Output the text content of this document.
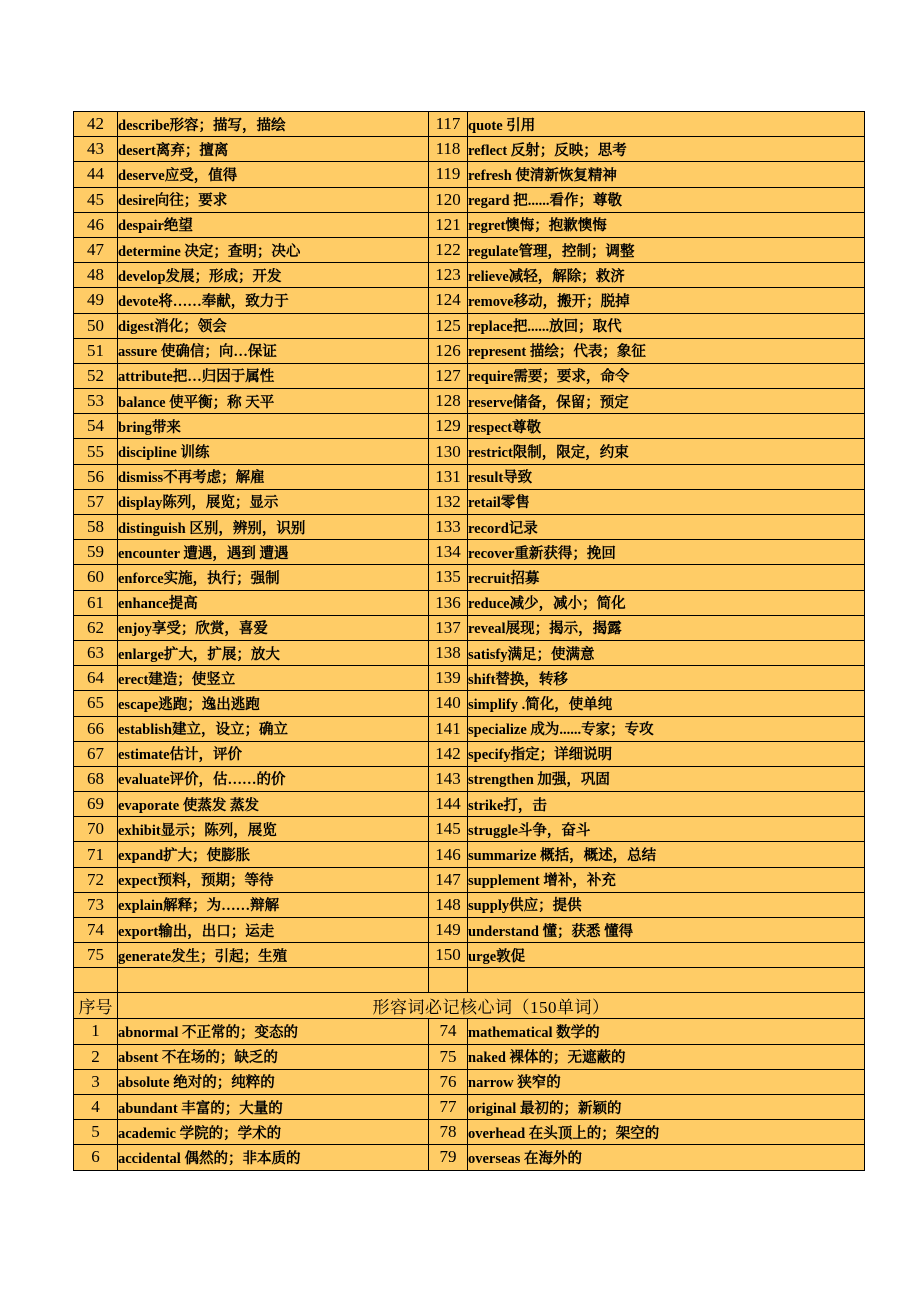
42	describe形容；描写，描绘	117	quote 引用
43	desert离弃；擅离	118	reflect 反射；反映；思考
44	deserve应受，值得	119	refresh 使清新恢复精神
45	desire向往；要求	120	regard 把......看作；尊敬
46	despair绝望	121	regret懊悔；抱歉懊悔
47	determine 决定；查明；决心	122	regulate管理，控制；调整
48	develop发展；形成；开发	123	relieve减轻，解除；救济
49	devote将……奉献，致力于	124	remove移动，搬开；脱掉
50	digest消化；领会	125	replace把......放回；取代
51	assure 使确信；向…保证	126	represent 描绘；代表；象征
52	attribute把…归因于属性	127	require需要；要求，命令
53	balance 使平衡；称 天平	128	reserve储备，保留；预定
54	bring带来	129	respect尊敬
55	discipline 训练	130	restrict限制，限定，约束
56	dismiss不再考虑；解雇	131	result导致
57	display陈列，展览；显示	132	retail零售
58	distinguish 区别，辨别，识别	133	record记录
59	encounter 遭遇，遇到 遭遇	134	recover重新获得；挽回
60	enforce实施，执行；强制	135	recruit招募
61	enhance提高	136	reduce减少，减小；简化
62	enjoy享受；欣赏，喜爱	137	reveal展现；揭示，揭露
63	enlarge扩大，扩展；放大	138	satisfy满足；使满意
64	erect建造；使竖立	139	shift替换，转移
65	escape逃跑；逸出逃跑	140	simplify .简化，使单纯
66	establish建立，设立；确立	141	specialize 成为......专家；专攻
67	estimate估计，评价	142	specify指定；详细说明
68	evaluate评价，估……的价	143	strengthen 加强，巩固
69	evaporate 使蒸发 蒸发	144	strike打，击
70	exhibit显示；陈列，展览	145	struggle斗争，奋斗
71	expand扩大；使膨胀	146	summarize 概括，概述，总结
72	expect预料，预期；等待	147	supplement 增补，补充
73	explain解释；为……辩解	148	supply供应；提供
74	export输出，出口；运走	149	understand 懂；获悉 懂得
75	generate发生；引起；生殖	150	urge敦促

序号	形容词必记核心词（150单词）		
1	abnormal 不正常的；变态的	74	mathematical 数学的
2	absent 不在场的；缺乏的	75	naked 裸体的；无遮蔽的
3	absolute 绝对的；纯粹的	76	narrow 狭窄的
4	abundant 丰富的；大量的	77	original 最初的；新颖的
5	academic 学院的；学术的	78	overhead 在头顶上的；架空的
6	accidental 偶然的；非本质的	79	overseas 在海外的
